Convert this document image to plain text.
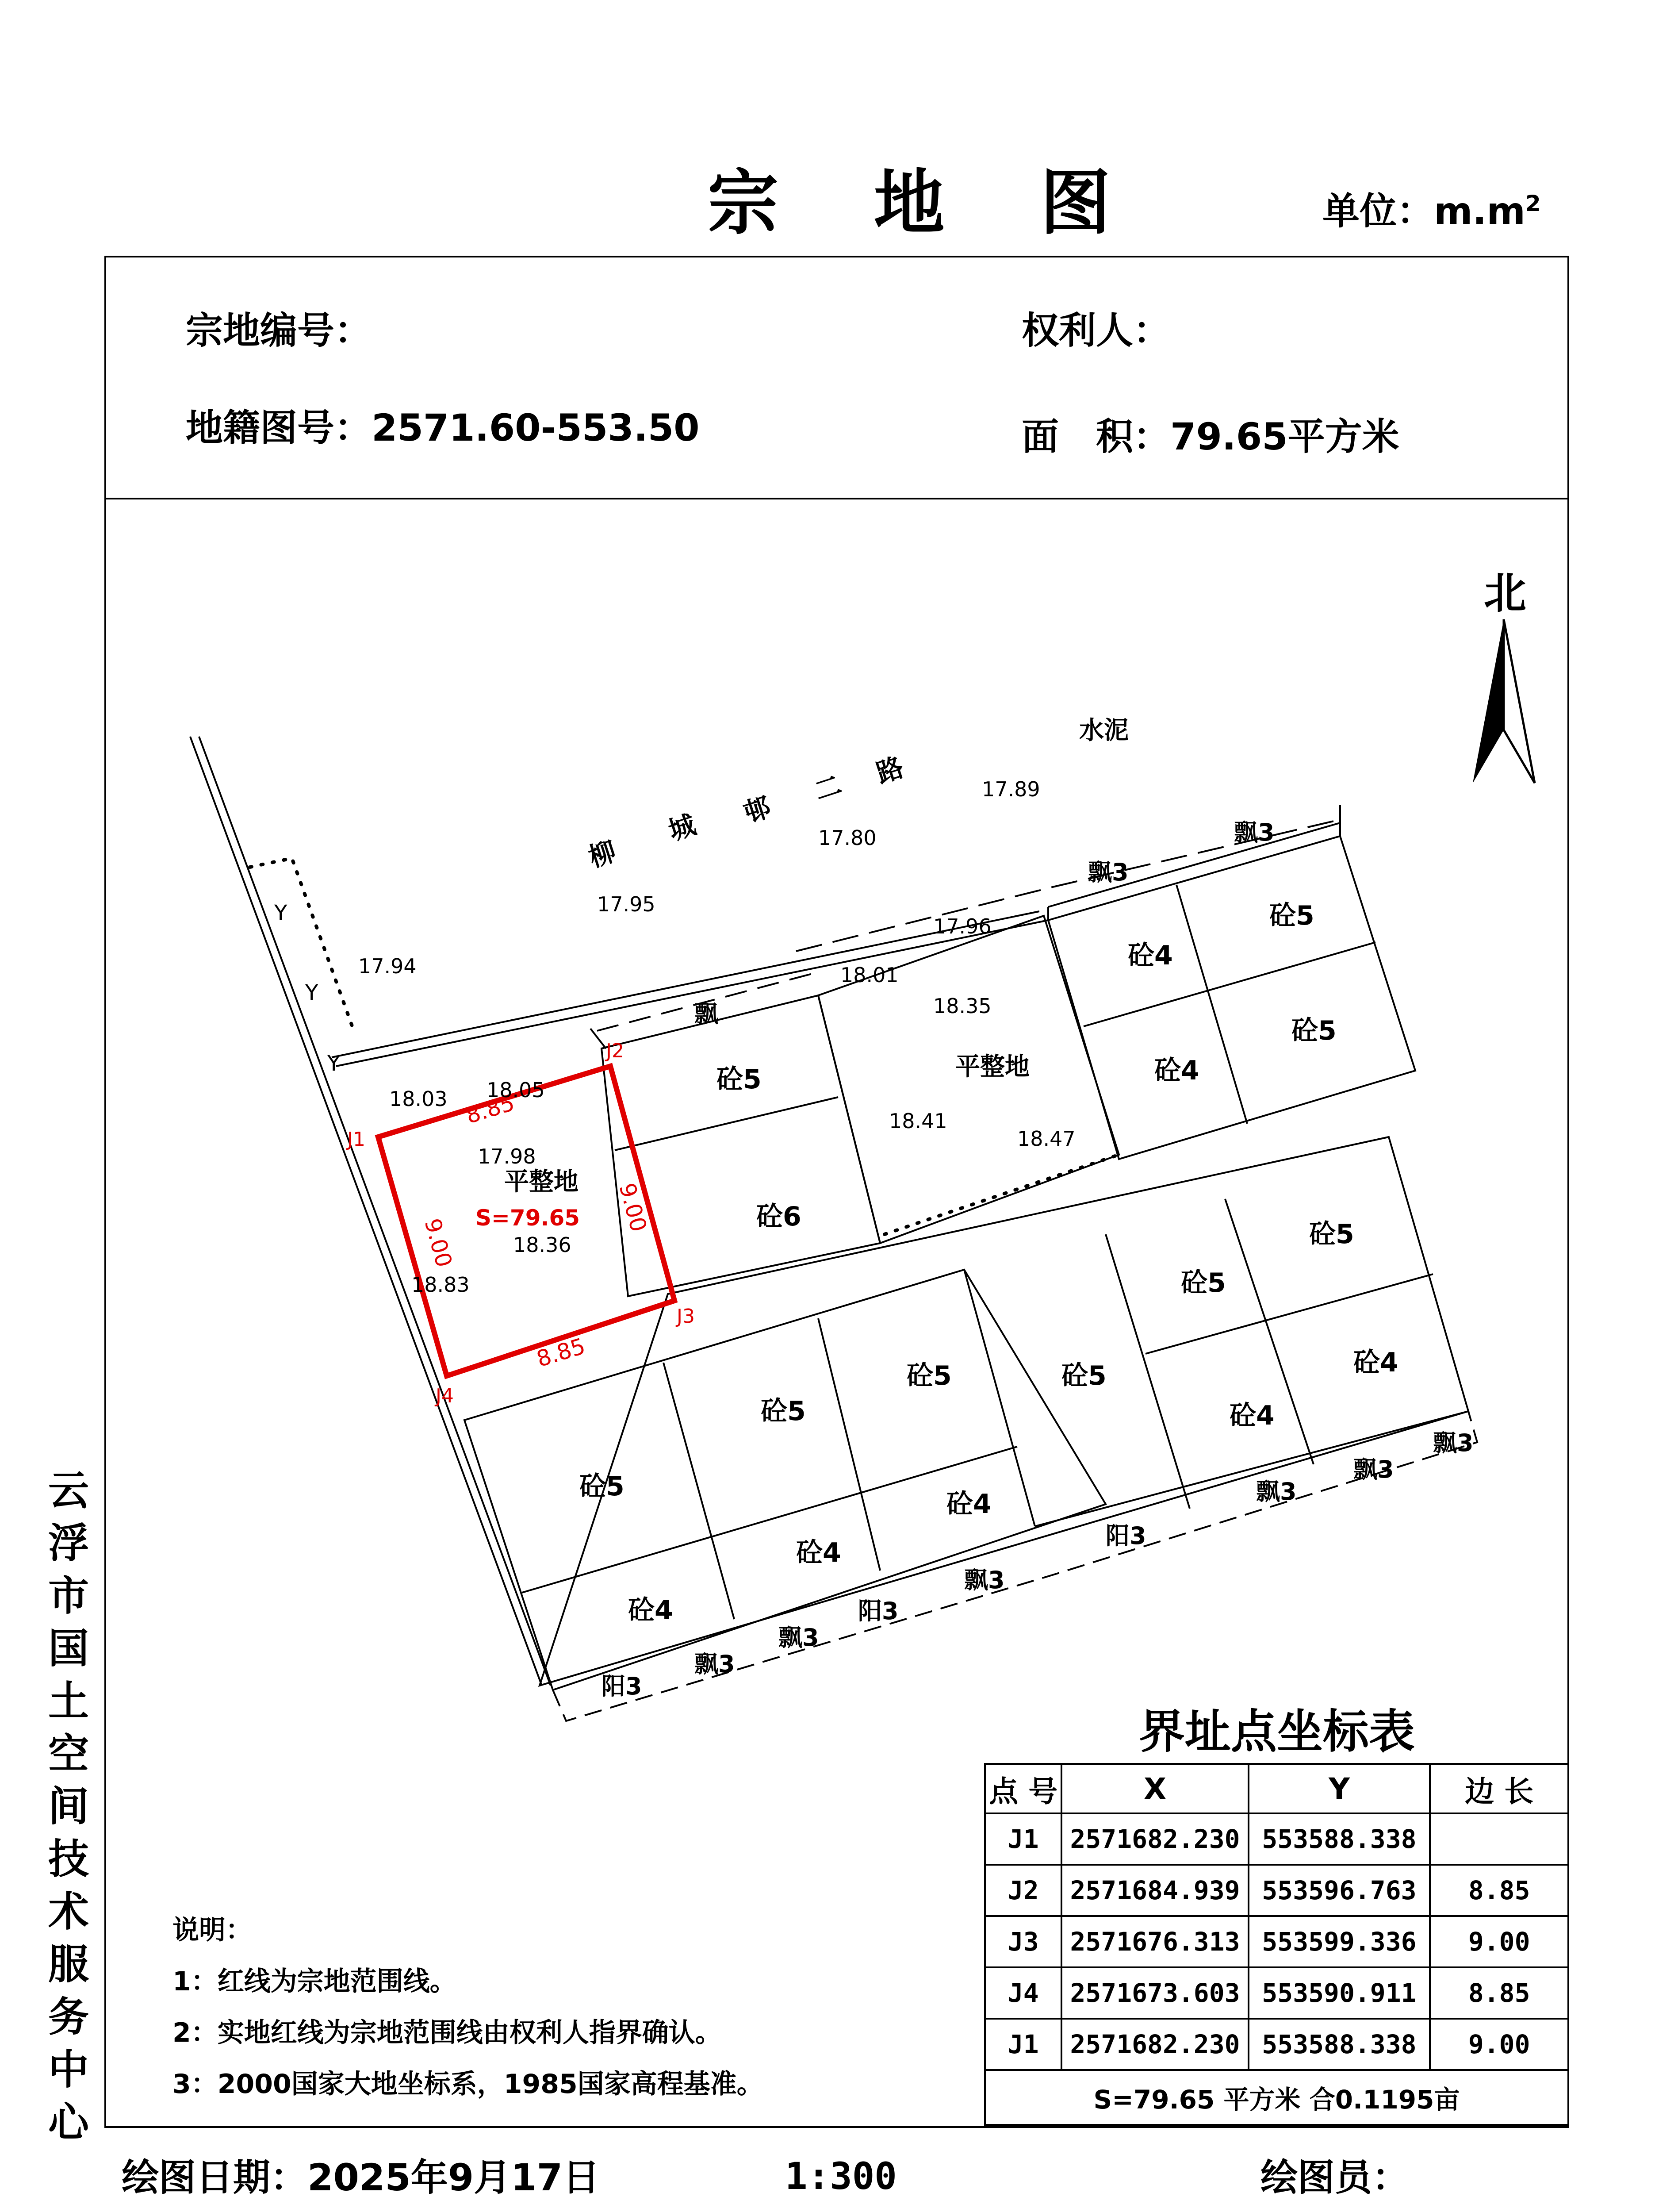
宗 地 图	单位：$m.m^2$
宗地编号：
地籍图号：2571.60-553.50
权利人：
面　积：79.65平方米
云
浮
市
国
土
空
间
技
术
服
务
中
心
北
Y
Y
Y
柳
城 邨
二 路
水泥
平整地
S=79.65
8.85
9.00
8.85
9.00
J1
J2
J3
J4
平整地
砼5
砼6
砼4
砼5
砼4
砼5
砼5
砼5
砼4
砼4
砼5
砼5
砼5
砼5
砼4
砼4
砼4
飘3
飘3
飘
飘3
飘3
阳3
飘3
阳3
飘3
飘3
阳3
飘3
17.89
17.80
17.95
17.96
17.94	18.01
18.35
18.03 18.05
18.41
18.47
17.98
18.36
18.83
界址点坐标表
点 号	X	Y	边 长
J1	2571682.230	553588.338	
J2	2571684.939	553596.763	8.85
J3	2571676.313	553599.336	9.00
J4	2571673.603	553590.911	8.85
J1	2571682.230	553588.338	9.00
S=79.65 平方米 合0.1195亩			
说明：
1：红线为宗地范围线。
2：实地红线为宗地范围线由权利人指界确认。
3：2000国家大地坐标系，1985国家高程基准。
绘图日期：2025年9月17日	1:300	绘图员：
